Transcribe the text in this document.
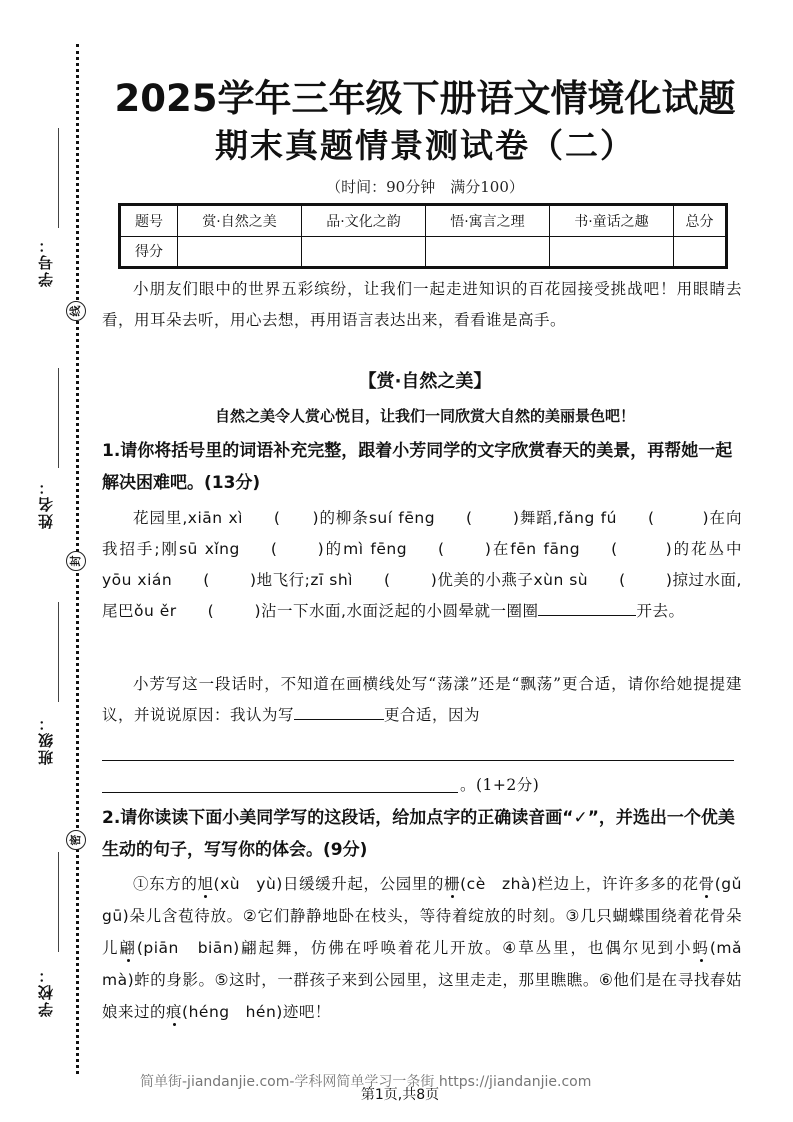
线
封
密
学号：
姓名：
班级：
学校：
2025学年三年级下册语文情境化试题
期末真题情景测试卷（二）
（时间：90分钟　满分100）
题号	赏·自然之美	品·文化之韵	悟·寓言之理	书·童话之趣	总分
得分					
小朋友们眼中的世界五彩缤纷，让我们一起走进知识的百花园接受挑战吧！用眼睛去看，用耳朵去听，用心去想，再用语言表达出来，看看谁是高手。
【赏·自然之美】
自然之美令人赏心悦目，让我们一同欣赏大自然的美丽景色吧！
1.请你将括号里的词语补充完整，跟着小芳同学的文字欣赏春天的美景，再帮她一起解决困难吧。(13分)
花园里,xiān xì (  )的柳条suí fēng (   )舞蹈,fǎng fú (   )在向我招手;刚sū xǐng (   )的mì fēng (   )在fēn fāng (   )的花丛中yōu xián (   )地飞行;zī shì (   )优美的小燕子xùn sù (   )掠过水面,尾巴ǒu ěr (   )沾一下水面,水面泛起的小圆晕就一圈圈	开去。
小芳写这一段话时，不知道在画横线处写“荡漾”还是“飘荡”更合适，请你给她提提建议，并说说原因：我认为写	更合适，因为
。(1+2分)
2.请你读读下面小美同学写的这段话，给加点字的正确读音画“✓”，并选出一个优美生动的句子，写写你的体会。(9分)
①东方的旭(xù　yù)日缓缓升起，公园里的栅(cè　zhà)栏边上，许许多多的花骨(gǔ　gū)朵儿含苞待放。②它们静静地卧在枝头，等待着绽放的时刻。③几只蝴蝶围绕着花骨朵儿翩(piān　biān)翩起舞，仿佛在呼唤着花儿开放。④草丛里，也偶尔见到小蚂(mǎ　mà)蚱的身影。⑤这时，一群孩子来到公园里，这里走走，那里瞧瞧。⑥他们是在寻找春姑娘来过的痕(héng　hén)迹吧！
简单街-jiandanjie.com-学科网简单学习一条街 https://jiandanjie.com
第1页,共8页
